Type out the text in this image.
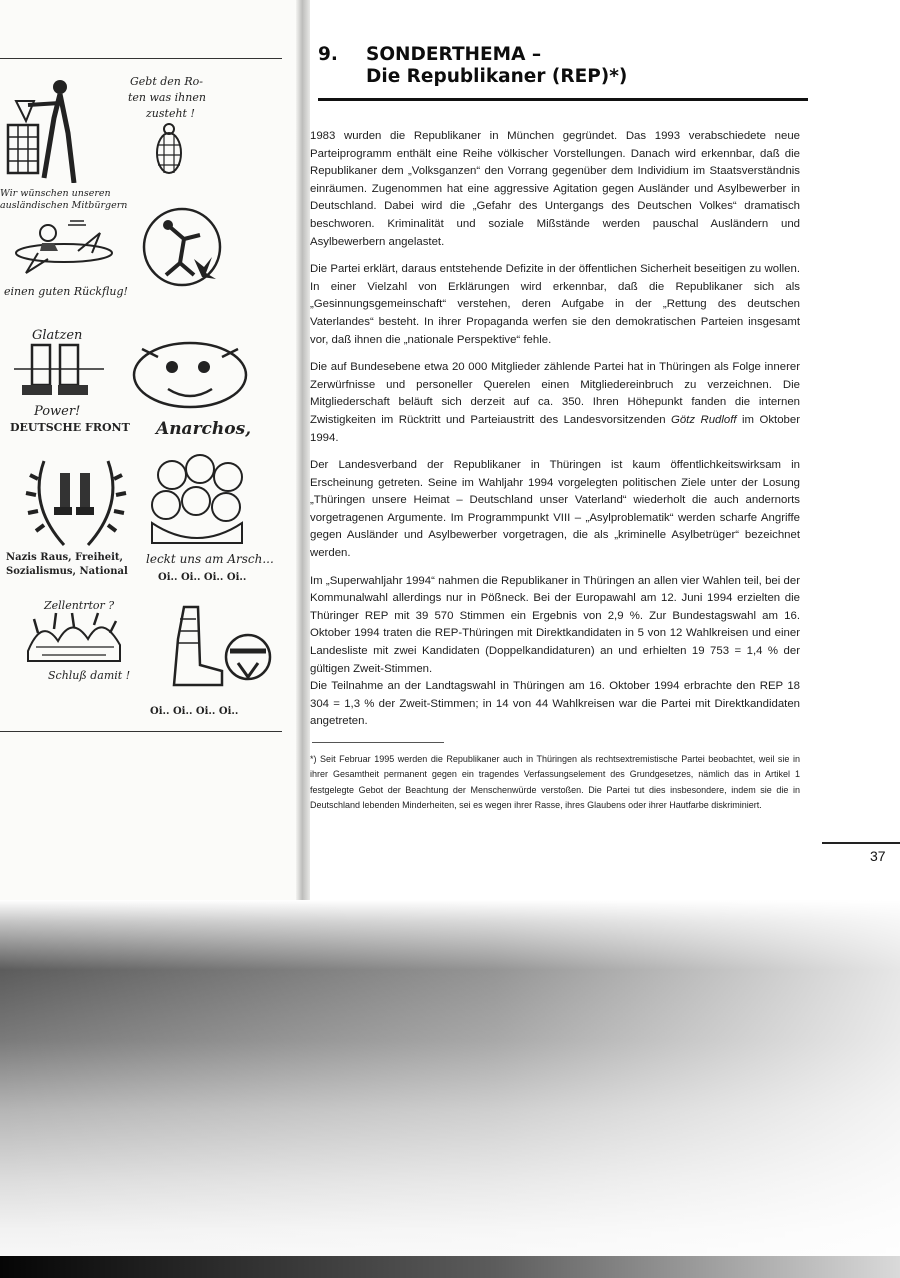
Gebt den Ro-
ten was ihnen
zusteht !
Wir wünschen unseren
ausländischen Mitbürgern
einen guten Rückflug!
Glatzen
Power!
DEUTSCHE FRONT Anarchos,
Nazis Raus, Freiheit,
Sozialismus, National
leckt uns am Arsch...
Oi.. Oi.. Oi.. Oi..
Zellentrtor ?
Schluß damit !
Oi.. Oi.. Oi.. Oi..
9. SONDERTHEMA –
Die Republikaner (REP)*)

1983 wurden die Republikaner in München gegründet. Das 1993 verabschiedete neue Parteiprogramm enthält eine Reihe völkischer Vorstellungen. Danach wird erkennbar, daß die Republikaner dem „Volksganzen“ den Vorrang gegenüber dem Individium im Staatsverständnis einräumen. Zugenommen hat eine aggressive Agitation gegen Ausländer und Asylbewerber in Deutschland. Dabei wird die „Gefahr des Untergangs des Deutschen Volkes“ dramatisch beschworen. Kriminalität und soziale Mißstände werden pauschal Ausländern und Asylbewerbern angelastet.

Die Partei erklärt, daraus entstehende Defizite in der öffentlichen Sicherheit beseitigen zu wollen. In einer Vielzahl von Erklärungen wird erkennbar, daß die Republikaner sich als „Gesinnungsgemeinschaft“ verstehen, deren Aufgabe in der „Rettung des deutschen Vaterlandes“ besteht. In ihrer Propaganda werfen sie den demokratischen Parteien insgesamt vor, daß ihnen die „nationale Perspektive“ fehle.

Die auf Bundesebene etwa 20 000 Mitglieder zählende Partei hat in Thüringen als Folge innerer Zerwürfnisse und personeller Querelen einen Mitgliedereinbruch zu verzeichnen. Die Mitgliederschaft beläuft sich derzeit auf ca. 350. Ihren Höhepunkt fanden die internen Zwistigkeiten im Rücktritt und Parteiaustritt des Landesvorsitzenden Götz Rudloff im Oktober 1994.

Der Landesverband der Republikaner in Thüringen ist kaum öffentlichkeitswirksam in Erscheinung getreten. Seine im Wahljahr 1994 vorgelegten politischen Ziele unter der Losung „Thüringen unsere Heimat – Deutschland unser Vaterland“ wiederholt die auch andernorts vorgetragenen Argumente. Im Programmpunkt VIII – „Asylproblematik“ werden scharfe Angriffe gegen Ausländer und Asylbewerber vorgetragen, die als „kriminelle Asylbetrüger“ bezeichnet werden.

Im „Superwahljahr 1994“ nahmen die Republikaner in Thüringen an allen vier Wahlen teil, bei der Kommunalwahl allerdings nur in Pößneck. Bei der Europawahl am 12. Juni 1994 erzielten die Thüringer REP mit 39 570 Stimmen ein Ergebnis von 2,9 %. Zur Bundestagswahl am 16. Oktober 1994 traten die REP-Thüringen mit Direktkandidaten in 5 von 12 Wahlkreisen und einer Landesliste mit zwei Kandidaten (Doppelkandidaturen) an und erhielten 19 753 = 1,4 % der gültigen Zweit-Stimmen.

Die Teilnahme an der Landtagswahl in Thüringen am 16. Oktober 1994 erbrachte den REP 18 304 = 1,3 % der Zweit-Stimmen; in 14 von 44 Wahlkreisen war die Partei mit Direktkandidaten angetreten.

*) Seit Februar 1995 werden die Republikaner auch in Thüringen als rechtsextremistische Partei beobachtet, weil sie in ihrer Gesamtheit permanent gegen ein tragendes Verfassungselement des Grundgesetzes, nämlich das in Artikel 1 festgelegte Gebot der Beachtung der Menschenwürde verstoßen. Die Partei tut dies insbesondere, indem sie die in Deutschland lebenden Minderheiten, sei es wegen ihrer Rasse, ihres Glaubens oder ihrer Hautfarbe diskriminiert.
37
